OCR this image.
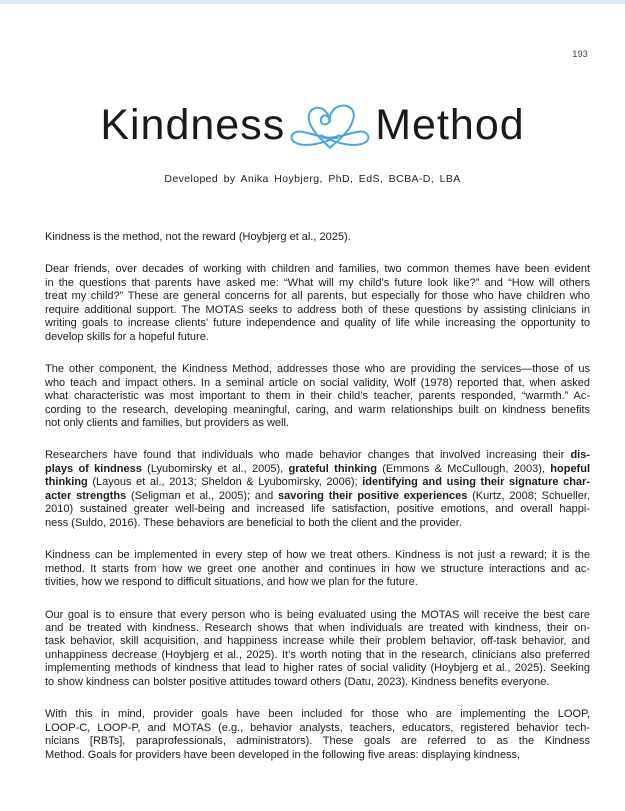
193
Kindness Method
Developed by Anika Hoybjerg, PhD, EdS, BCBA-D, LBA
Kindness is the method, not the reward (Hoybjerg et al., 2025).
Dear friends, over decades of working with children and families, two common themes have been evident
in the questions that parents have asked me: “What will my child’s future look like?” and “How will others
treat my child?” These are general concerns for all parents, but especially for those who have children who
require additional support. The MOTAS seeks to address both of these questions by assisting clinicians in
writing goals to increase clients’ future independence and quality of life while increasing the opportunity to
develop skills for a hopeful future.
The other component, the Kindness Method, addresses those who are providing the services—those of us
who teach and impact others. In a seminal article on social validity, Wolf (1978) reported that, when asked
what characteristic was most important to them in their child’s teacher, parents responded, “warmth.” Ac-
cording to the research, developing meaningful, caring, and warm relationships built on kindness benefits
not only clients and families, but providers as well.
Researchers have found that individuals who made behavior changes that involved increasing their dis-
plays of kindness (Lyubomirsky et al., 2005), grateful thinking (Emmons & McCullough, 2003), hopeful
thinking (Layous et al., 2013; Sheldon & Lyubomirsky, 2006); identifying and using their signature char-
acter strengths (Seligman et al., 2005); and savoring their positive experiences (Kurtz, 2008; Schueller,
2010) sustained greater well-being and increased life satisfaction, positive emotions, and overall happi-
ness (Suldo, 2016). These behaviors are beneficial to both the client and the provider.
Kindness can be implemented in every step of how we treat others. Kindness is not just a reward; it is the
method. It starts from how we greet one another and continues in how we structure interactions and ac-
tivities, how we respond to difficult situations, and how we plan for the future.
Our goal is to ensure that every person who is being evaluated using the MOTAS will receive the best care
and be treated with kindness. Research shows that when individuals are treated with kindness, their on-
task behavior, skill acquisition, and happiness increase while their problem behavior, off-task behavior, and
unhappiness decrease (Hoybjerg et al., 2025). It’s worth noting that in the research, clinicians also preferred
implementing methods of kindness that lead to higher rates of social validity (Hoybjerg et al., 2025). Seeking
to show kindness can bolster positive attitudes toward others (Datu, 2023). Kindness benefits everyone.
With this in mind, provider goals have been included for those who are implementing the LOOP,
LOOP-C, LOOP-P, and MOTAS (e.g., behavior analysts, teachers, educators, registered behavior tech-
nicians [RBTs], paraprofessionals, administrators). These goals are referred to as the Kindness
Method. Goals for providers have been developed in the following five areas: displaying kindness,
